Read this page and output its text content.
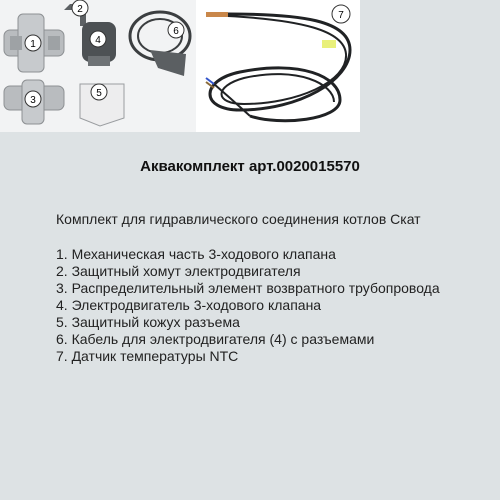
1
2
3
4
5
6
7
Аквакомплект арт.0020015570
Комплект для гидравлического соединения котлов Скат
1. Механическая часть 3-ходового клапана
2. Защитный хомут электродвигателя
3. Распределительный элемент возвратного трубопровода
4. Электродвигатель 3-ходового клапана
5. Защитный кожух разъема
6. Кабель для электродвигателя (4) с разъемами
7. Датчик температуры NTC
